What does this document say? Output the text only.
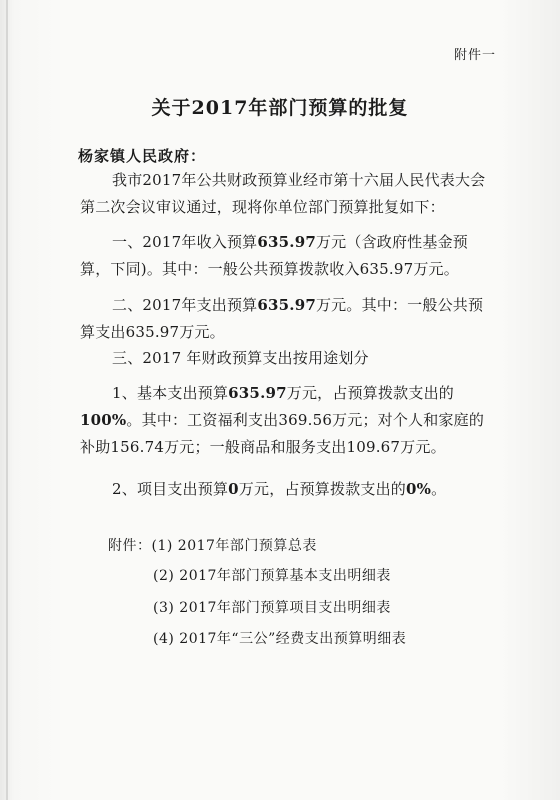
附件一
关于2017年部门预算的批复
杨家镇人民政府：
我市2017年公共财政预算业经市第十六届人民代表大会第二次会议审议通过，现将你单位部门预算批复如下：
一、2017年收入预算635.97万元（含政府性基金预算，下同)。其中：一般公共预算拨款收入635.97万元。
二、2017年支出预算635.97万元。其中：一般公共预算支出635.97万元。
三、2017 年财政预算支出按用途划分
1、基本支出预算635.97万元，占预算拨款支出的100%。其中：工资福利支出369.56万元；对个人和家庭的补助156.74万元；一般商品和服务支出109.67万元。
2、项目支出预算0万元，占预算拨款支出的0%。
附件：(1) 2017年部门预算总表
(2) 2017年部门预算基本支出明细表
(3) 2017年部门预算项目支出明细表
(4) 2017年“三公”经费支出预算明细表
